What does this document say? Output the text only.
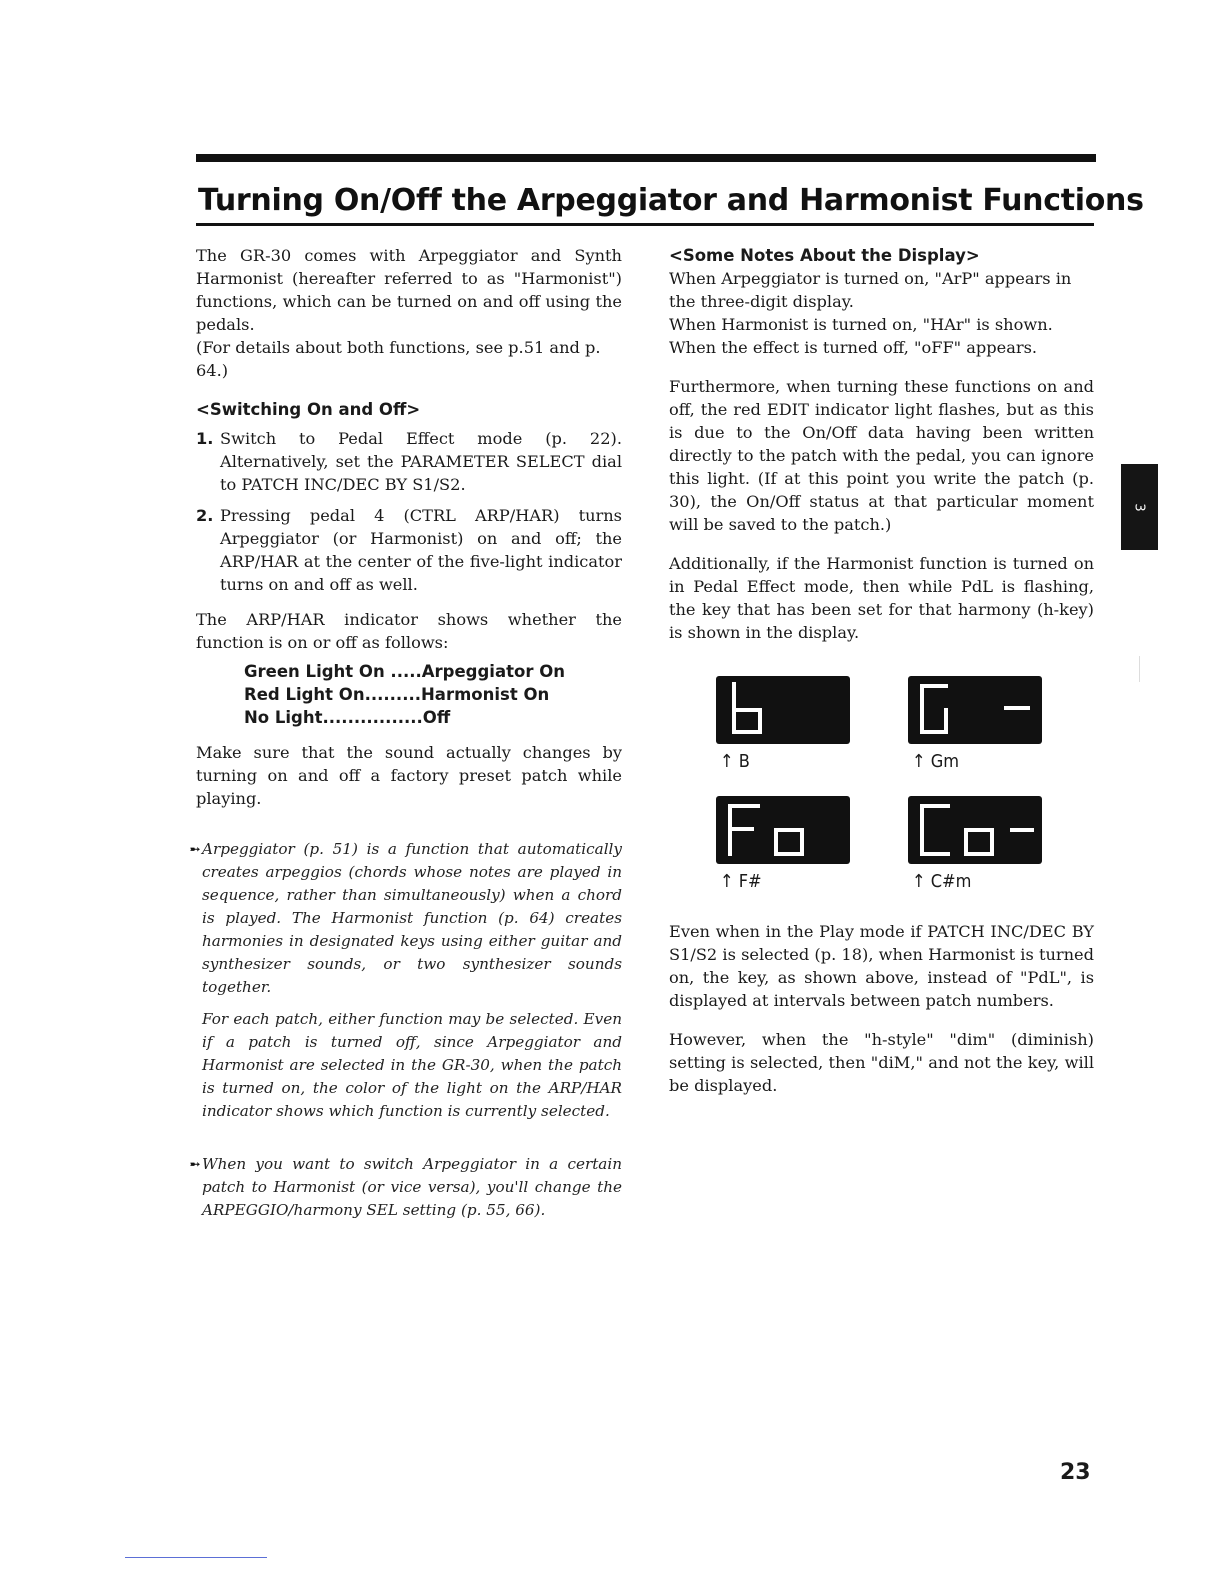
Turning On/Off the Arpeggiator and Harmonist Functions

The GR-30 comes with Arpeggiator and Synth Harmonist (hereafter referred to as "Harmonist") functions, which can be turned on and off using the pedals.

(For details about both functions, see p.51 and p. 64.)

<Switching On and Off>
1. Switch to Pedal Effect mode (p. 22). Alternatively, set the PARAMETER SELECT dial to PATCH INC/DEC BY S1/S2.
2. Pressing pedal 4 (CTRL ARP/HAR) turns Arpeggiator (or Harmonist) on and off; the ARP/HAR at the center of the five-light indicator turns on and off as well.

The ARP/HAR indicator shows whether the function is on or off as follows:

Green Light On .....Arpeggiator On
Red Light On.........Harmonist On
No Light................Off

Make sure that the sound actually changes by turning on and off a factory preset patch while playing.

➸ Arpeggiator (p. 51) is a function that automatically creates arpeggios (chords whose notes are played in sequence, rather than simultaneously) when a chord is played. The Harmonist function (p. 64) creates harmonies in designated keys using either guitar and synthesizer sounds, or two synthesizer sounds together.

For each patch, either function may be selected. Even if a patch is turned off, since Arpeggiator and Harmonist are selected in the GR-30, when the patch is turned on, the color of the light on the ARP/HAR indicator shows which function is currently selected.

➸ When you want to switch Arpeggiator in a certain patch to Harmonist (or vice versa), you'll change the ARPEGGIO/harmony SEL setting (p. 55, 66).

<Some Notes About the Display>

When Arpeggiator is turned on, "ArP" appears in the three-digit display.

When Harmonist is turned on, "HAr" is shown. When the effect is turned off, "oFF" appears.

Furthermore, when turning these functions on and off, the red EDIT indicator light flashes, but as this is due to the On/Off data having been written directly to the patch with the pedal, you can ignore this light. (If at this point you write the patch (p. 30), the On/Off status at that particular moment will be saved to the patch.)

Additionally, if the Harmonist function is turned on in Pedal Effect mode, then while PdL is flashing, the key that has been set for that harmony (h-key) is shown in the display.

↑ B	↑ Gm
↑ F#	↑ C#m

Even when in the Play mode if PATCH INC/DEC BY S1/S2 is selected (p. 18), when Harmonist is turned on, the key, as shown above, instead of "PdL", is displayed at intervals between patch numbers.

However, when the "h-style" "dim" (diminish) setting is selected, then "diM," and not the key, will be displayed.

3
23
